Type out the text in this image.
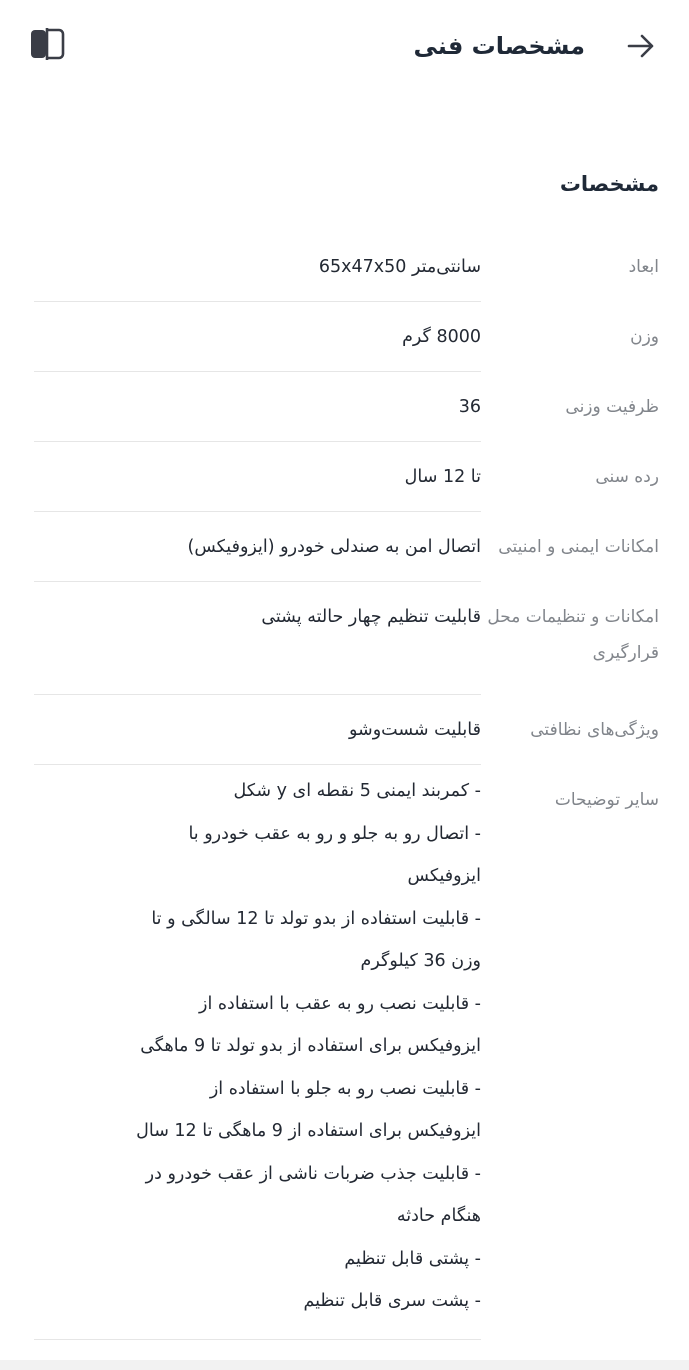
مشخصات فنی
مشخصات
ابعاد
سانتی‌متر 65x47x50
وزن
8000 گرم
ظرفیت وزنی
36
رده سنی
تا 12 سال
امکانات ایمنی و امنیتی
اتصال امن به صندلی خودرو (ایزوفیکس)
امکانات و تنظیمات محل قرارگیری
قابلیت تنظیم چهار حالته پشتی
ویژگی‌های نظافتی
قابلیت شست‌وشو
سایر توضیحات
- کمربند ایمنی 5 نقطه ای y شکل
- اتصال رو به جلو و رو به عقب خودرو با
ایزوفیکس
- قابلیت استفاده از بدو تولد تا 12 سالگی و تا
وزن 36 کیلوگرم
- قابلیت نصب رو به عقب با استفاده از
ایزوفیکس برای استفاده از بدو تولد تا 9 ماهگی
- قابلیت نصب رو به جلو با استفاده از
ایزوفیکس برای استفاده از 9 ماهگی تا 12 سال
- قابلیت جذب ضربات ناشی از عقب خودرو در
هنگام حادثه
- پشتی قابل تنظیم
- پشت سری قابل تنظیم
